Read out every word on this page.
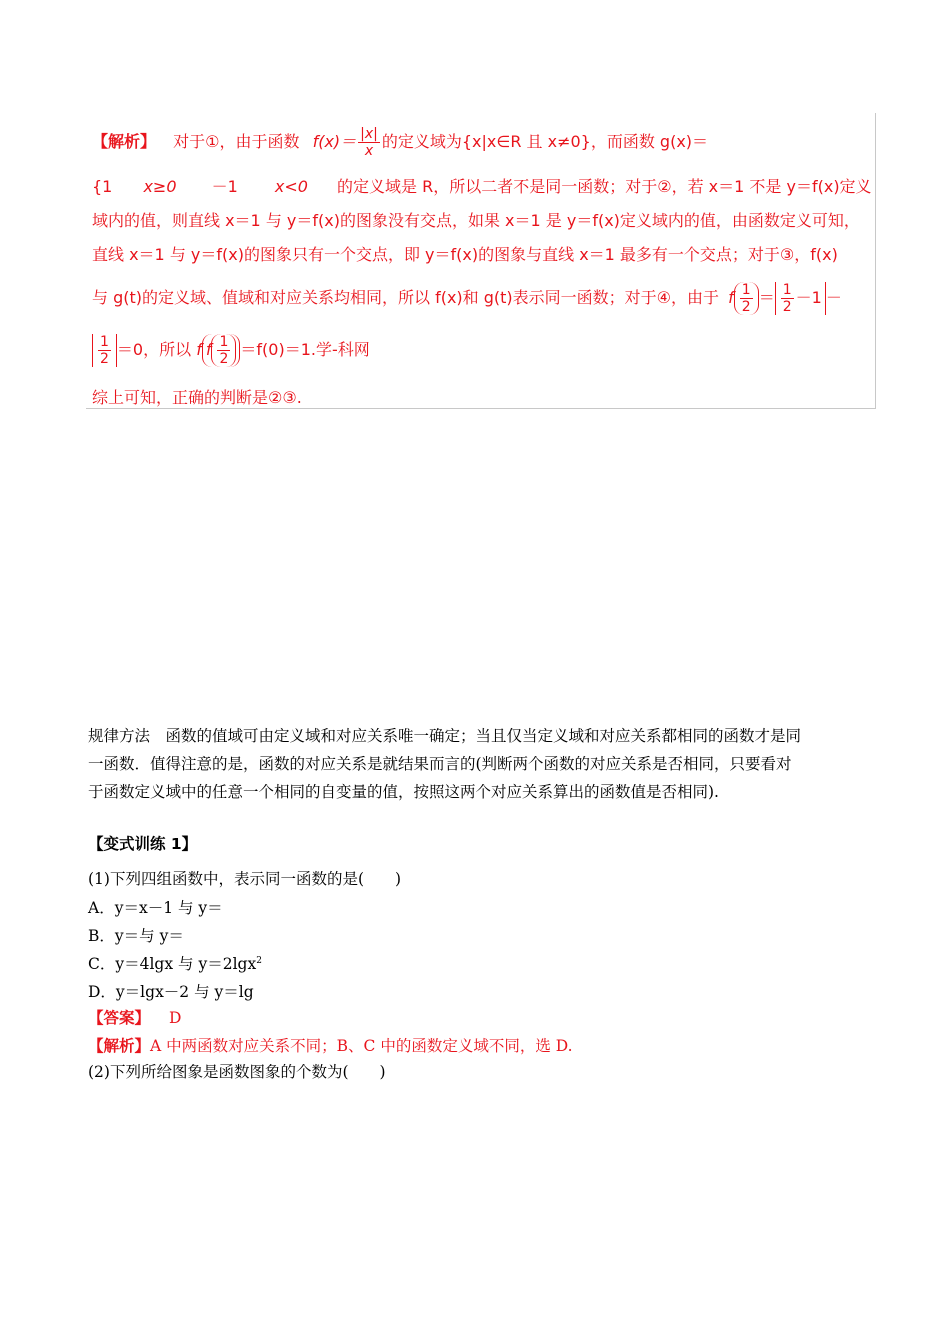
【解析】 对于①，由于函数 $f(x)= \frac{|x|}{x}$ 的定义域为{x|x∈R 且 x≠0}，而函数 g(x)＝
{1 x≥0 －1 x<0 的定义域是 R，所以二者不是同一函数；对于②，若 x＝1 不是 y＝f(x)定义
域内的值，则直线 x＝1 与 y＝f(x)的图象没有交点，如果 x＝1 是 y＝f(x)定义域内的值，由函数定义可知，
直线 x＝1 与 y＝f(x)的图象只有一个交点，即 y＝f(x)的图象与直线 x＝1 最多有一个交点；对于③，f(x)
与 g(t)的定义域、值域和对应关系均相同，所以 f(x)和 g(t)表示同一函数；对于④，由于 f $\frac{1}{2} = \frac{1}{2} -1$ －
$\frac{1}{2} =0$，所以 f f $\frac{1}{2} =f(0)=1$.学-科网
综上可知，正确的判断是②③.
规律方法　函数的值域可由定义域和对应关系唯一确定；当且仅当定义域和对应关系都相同的函数才是同
一函数．值得注意的是，函数的对应关系是就结果而言的(判断两个函数的对应关系是否相同，只要看对
于函数定义域中的任意一个相同的自变量的值，按照这两个对应关系算出的函数值是否相同).
【变式训练 1】
(1)下列四组函数中，表示同一函数的是(　　)
A．y＝x－1 与 y＝
B．y＝与 y＝
C．y＝4lgx 与 y＝2lgx$^2$
D．y＝lgx－2 与 y＝lg
【答案】 D
【解析】A 中两函数对应关系不同；B、C 中的函数定义域不同，选 D.
(2)下列所给图象是函数图象的个数为(　　)
